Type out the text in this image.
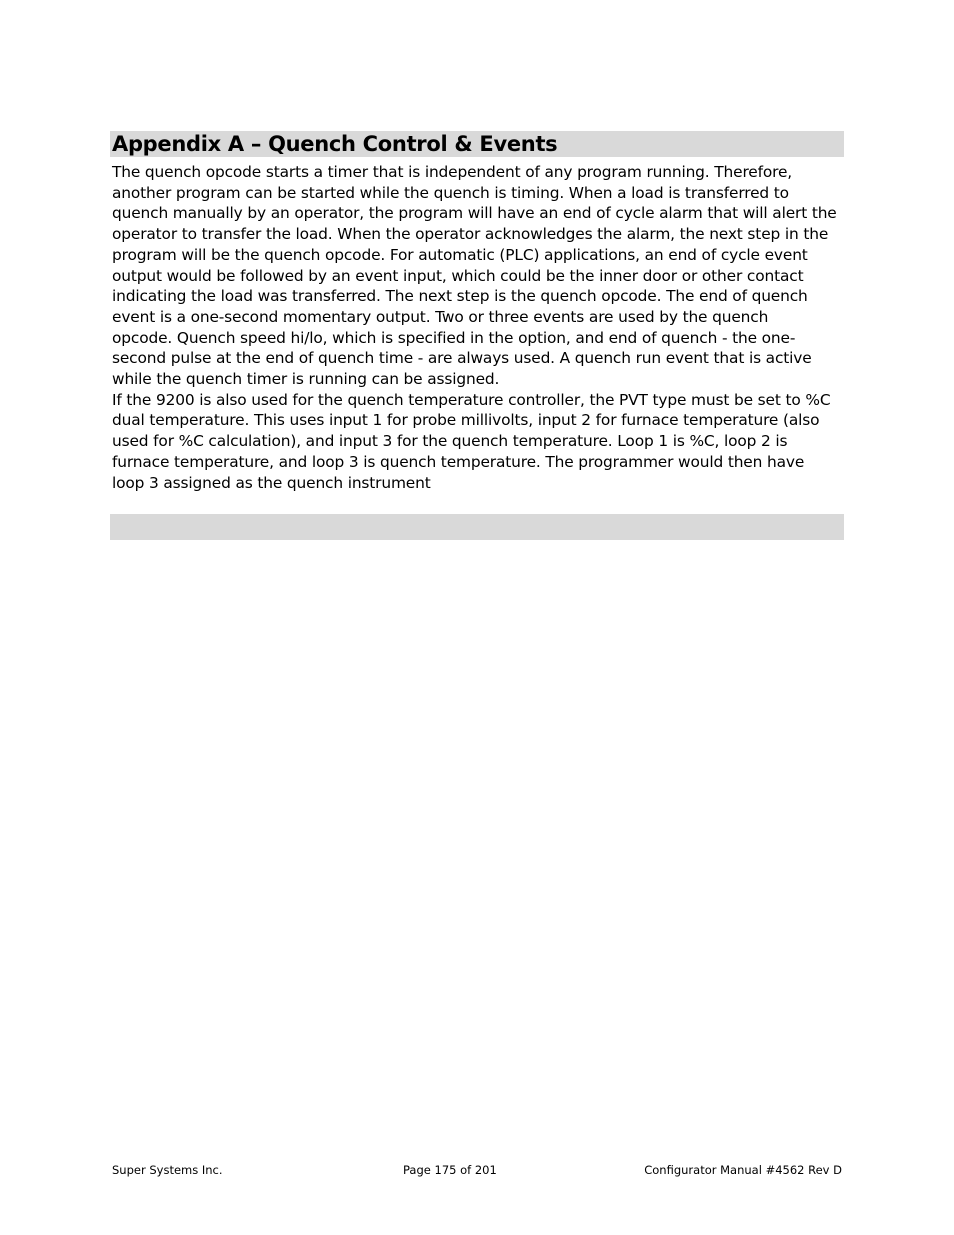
Appendix A – Quench Control & Events
The quench opcode starts a timer that is independent of any program running. Therefore,
another program can be started while the quench is timing. When a load is transferred to
quench manually by an operator, the program will have an end of cycle alarm that will alert the
operator to transfer the load. When the operator acknowledges the alarm, the next step in the
program will be the quench opcode. For automatic (PLC) applications, an end of cycle event
output would be followed by an event input, which could be the inner door or other contact
indicating the load was transferred. The next step is the quench opcode. The end of quench
event is a one-second momentary output. Two or three events are used by the quench
opcode. Quench speed hi/lo, which is specified in the option, and end of quench - the one-
second pulse at the end of quench time - are always used. A quench run event that is active
while the quench timer is running can be assigned.
If the 9200 is also used for the quench temperature controller, the PVT type must be set to %C
dual temperature. This uses input 1 for probe millivolts, input 2 for furnace temperature (also
used for %C calculation), and input 3 for the quench temperature. Loop 1 is %C, loop 2 is
furnace temperature, and loop 3 is quench temperature. The programmer would then have
loop 3 assigned as the quench instrument
Super Systems Inc.	Page 175 of 201	Configurator Manual #4562 Rev D
